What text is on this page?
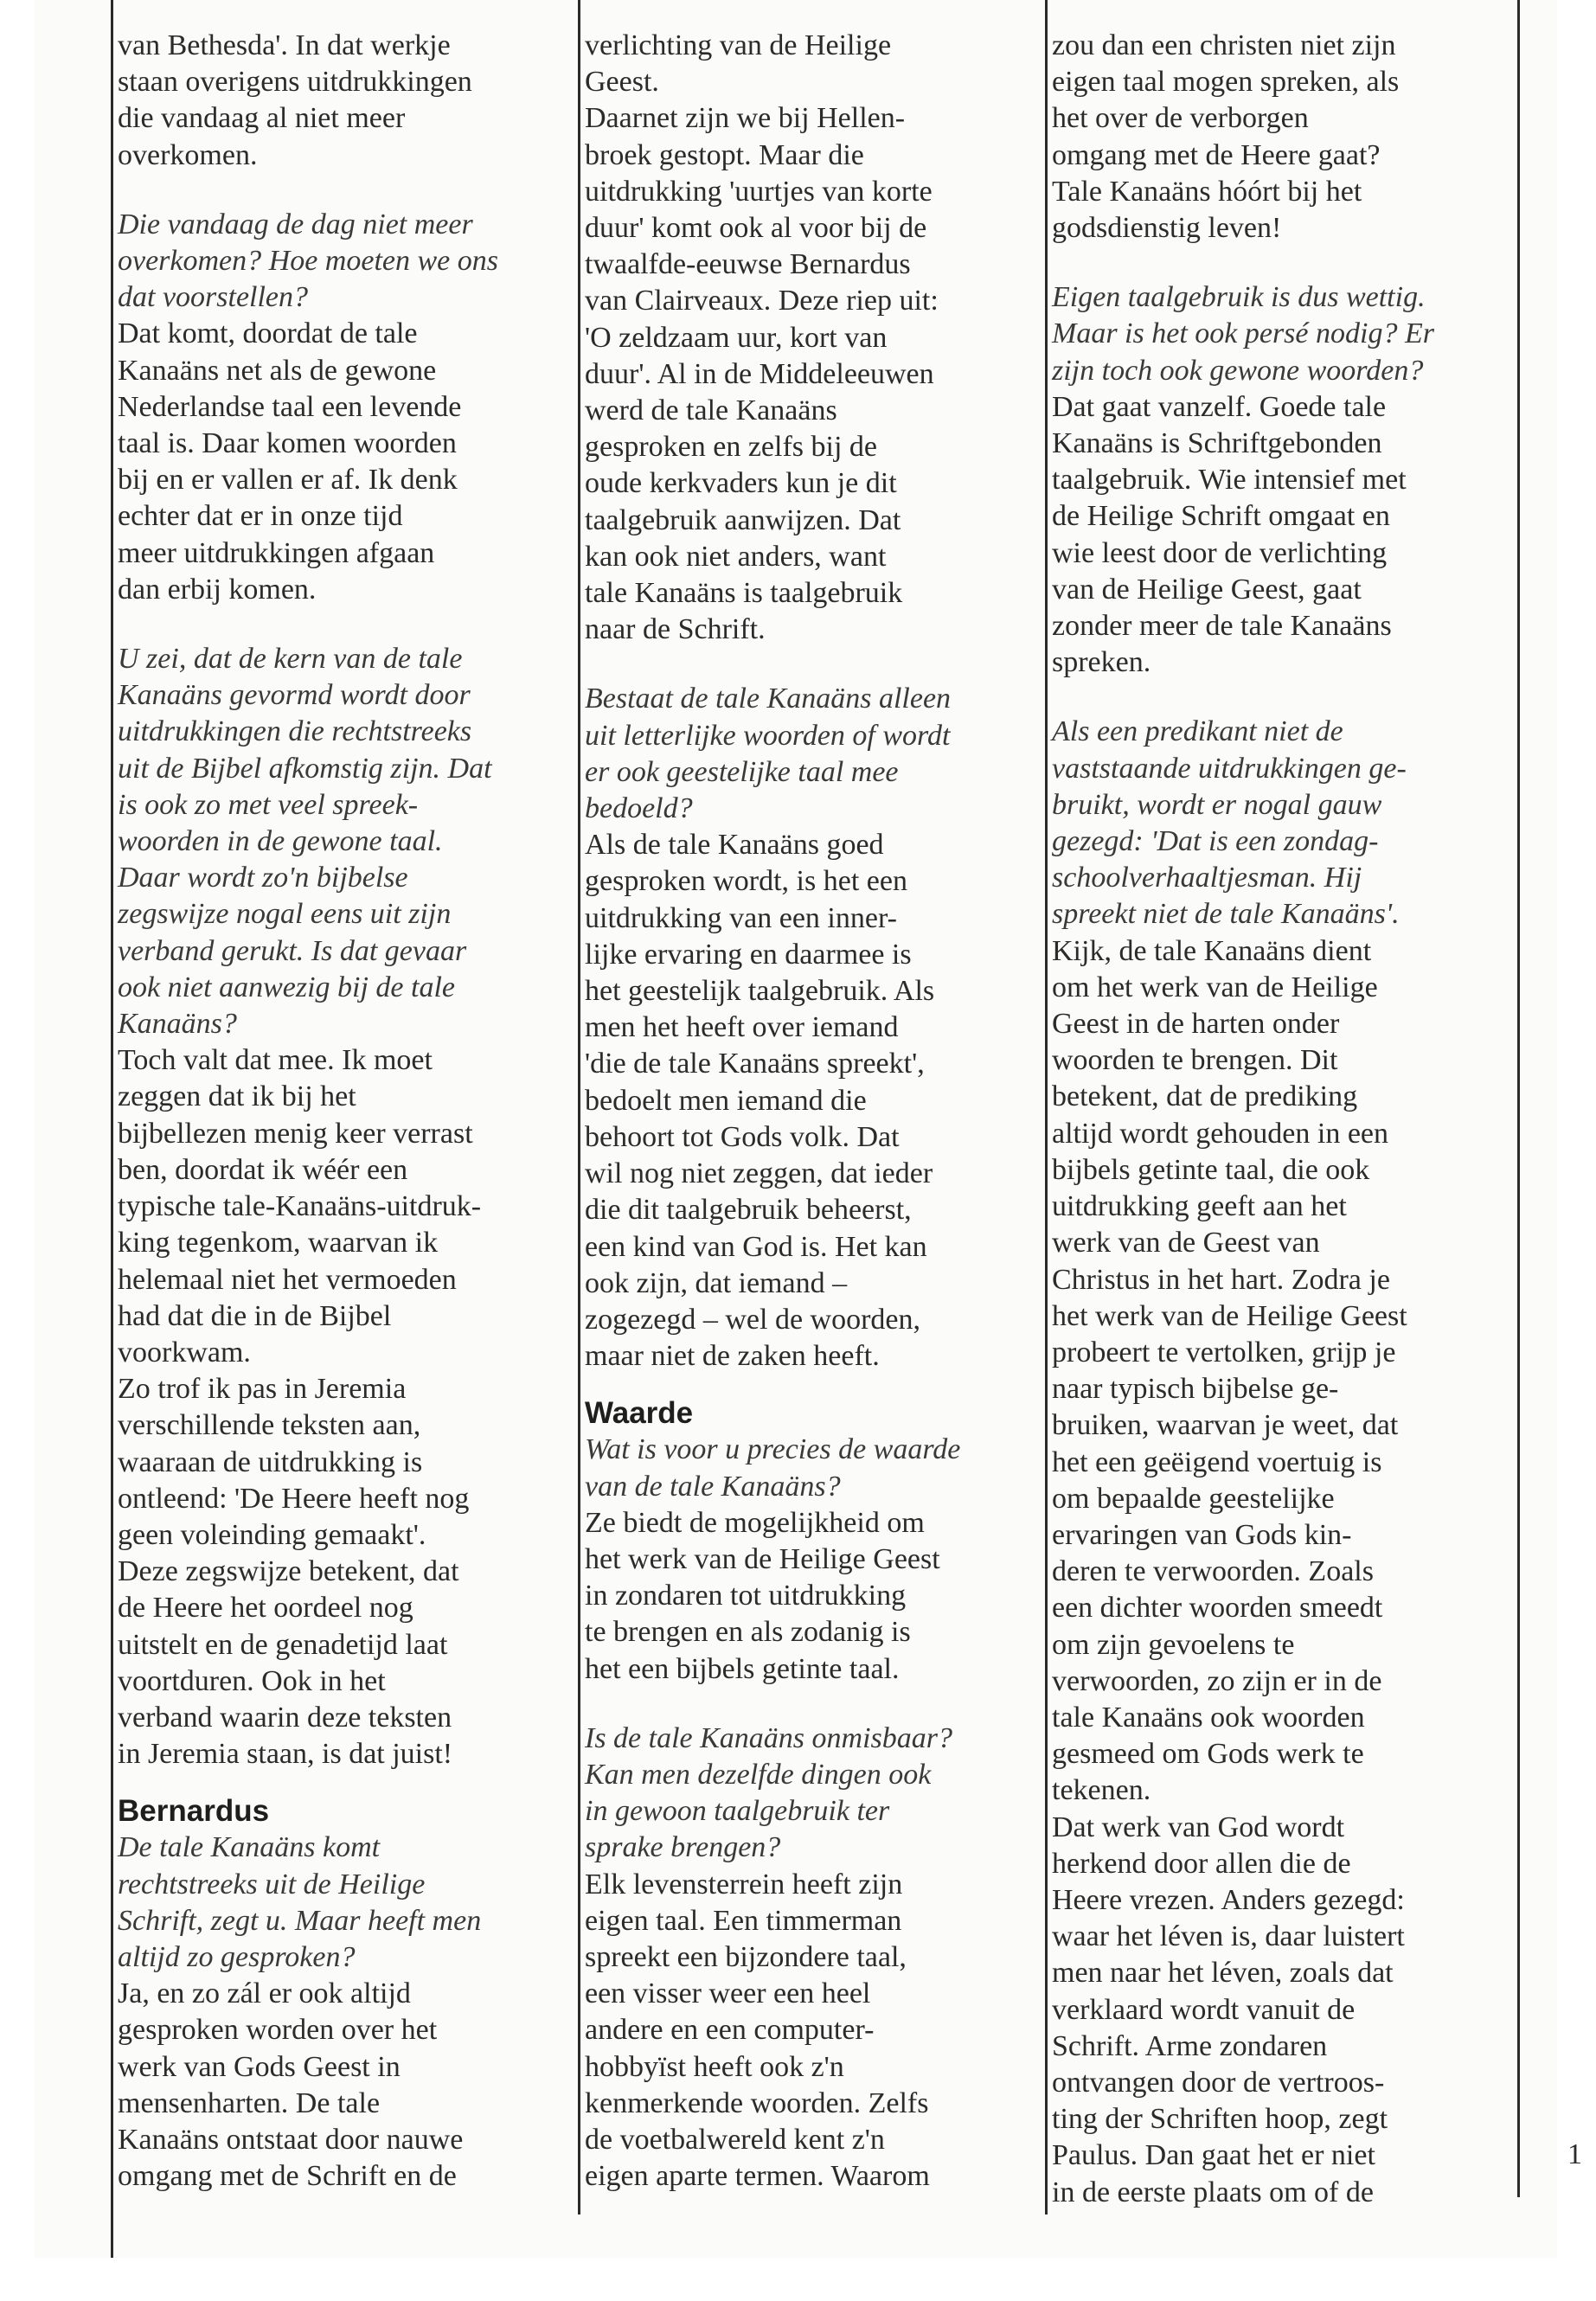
van Bethesda'. In dat werkje
staan overigens uitdrukkingen
die vandaag al niet meer
overkomen.

Die vandaag de dag niet meer
overkomen? Hoe moeten we ons
dat voorstellen?

Dat komt, doordat de tale
Kanaäns net als de gewone
Nederlandse taal een levende
taal is. Daar komen woorden
bij en er vallen er af. Ik denk
echter dat er in onze tijd
meer uitdrukkingen afgaan
dan erbij komen.

U zei, dat de kern van de tale
Kanaäns gevormd wordt door
uitdrukkingen die rechtstreeks
uit de Bijbel afkomstig zijn. Dat
is ook zo met veel spreek-
woorden in de gewone taal.
Daar wordt zo'n bijbelse
zegswijze nogal eens uit zijn
verband gerukt. Is dat gevaar
ook niet aanwezig bij de tale
Kanaäns?

Toch valt dat mee. Ik moet
zeggen dat ik bij het
bijbellezen menig keer verrast
ben, doordat ik wéér een
typische tale-Kanaäns-uitdruk-
king tegenkom, waarvan ik
helemaal niet het vermoeden
had dat die in de Bijbel
voorkwam.
Zo trof ik pas in Jeremia
verschillende teksten aan,
waaraan de uitdrukking is
ontleend: 'De Heere heeft nog
geen voleinding gemaakt'.
Deze zegswijze betekent, dat
de Heere het oordeel nog
uitstelt en de genadetijd laat
voortduren. Ook in het
verband waarin deze teksten
in Jeremia staan, is dat juist!

Bernardus

De tale Kanaäns komt
rechtstreeks uit de Heilige
Schrift, zegt u. Maar heeft men
altijd zo gesproken?

Ja, en zo zál er ook altijd
gesproken worden over het
werk van Gods Geest in
mensenharten. De tale
Kanaäns ontstaat door nauwe
omgang met de Schrift en de

verlichting van de Heilige
Geest.
Daarnet zijn we bij Hellen-
broek gestopt. Maar die
uitdrukking 'uurtjes van korte
duur' komt ook al voor bij de
twaalfde-eeuwse Bernardus
van Clairveaux. Deze riep uit:
'O zeldzaam uur, kort van
duur'. Al in de Middeleeuwen
werd de tale Kanaäns
gesproken en zelfs bij de
oude kerkvaders kun je dit
taalgebruik aanwijzen. Dat
kan ook niet anders, want
tale Kanaäns is taalgebruik
naar de Schrift.

Bestaat de tale Kanaäns alleen
uit letterlijke woorden of wordt
er ook geestelijke taal mee
bedoeld?

Als de tale Kanaäns goed
gesproken wordt, is het een
uitdrukking van een inner-
lijke ervaring en daarmee is
het geestelijk taalgebruik. Als
men het heeft over iemand
'die de tale Kanaäns spreekt',
bedoelt men iemand die
behoort tot Gods volk. Dat
wil nog niet zeggen, dat ieder
die dit taalgebruik beheerst,
een kind van God is. Het kan
ook zijn, dat iemand –
zogezegd – wel de woorden,
maar niet de zaken heeft.

Waarde

Wat is voor u precies de waarde
van de tale Kanaäns?

Ze biedt de mogelijkheid om
het werk van de Heilige Geest
in zondaren tot uitdrukking
te brengen en als zodanig is
het een bijbels getinte taal.

Is de tale Kanaäns onmisbaar?
Kan men dezelfde dingen ook
in gewoon taalgebruik ter
sprake brengen?

Elk levensterrein heeft zijn
eigen taal. Een timmerman
spreekt een bijzondere taal,
een visser weer een heel
andere en een computer-
hobbyïst heeft ook z'n
kenmerkende woorden. Zelfs
de voetbalwereld kent z'n
eigen aparte termen. Waarom

zou dan een christen niet zijn
eigen taal mogen spreken, als
het over de verborgen
omgang met de Heere gaat?
Tale Kanaäns hóórt bij het
godsdienstig leven!

Eigen taalgebruik is dus wettig.
Maar is het ook persé nodig? Er
zijn toch ook gewone woorden?

Dat gaat vanzelf. Goede tale
Kanaäns is Schriftgebonden
taalgebruik. Wie intensief met
de Heilige Schrift omgaat en
wie leest door de verlichting
van de Heilige Geest, gaat
zonder meer de tale Kanaäns
spreken.

Als een predikant niet de
vaststaande uitdrukkingen ge-
bruikt, wordt er nogal gauw
gezegd: 'Dat is een zondag-
schoolverhaaltjesman. Hij
spreekt niet de tale Kanaäns'.

Kijk, de tale Kanaäns dient
om het werk van de Heilige
Geest in de harten onder
woorden te brengen. Dit
betekent, dat de prediking
altijd wordt gehouden in een
bijbels getinte taal, die ook
uitdrukking geeft aan het
werk van de Geest van
Christus in het hart. Zodra je
het werk van de Heilige Geest
probeert te vertolken, grijp je
naar typisch bijbelse ge-
bruiken, waarvan je weet, dat
het een geëigend voertuig is
om bepaalde geestelijke
ervaringen van Gods kin-
deren te verwoorden. Zoals
een dichter woorden smeedt
om zijn gevoelens te
verwoorden, zo zijn er in de
tale Kanaäns ook woorden
gesmeed om Gods werk te
tekenen.
Dat werk van God wordt
herkend door allen die de
Heere vrezen. Anders gezegd:
waar het léven is, daar luistert
men naar het léven, zoals dat
verklaard wordt vanuit de
Schrift. Arme zondaren
ontvangen door de vertroos-
ting der Schriften hoop, zegt
Paulus. Dan gaat het er niet
in de eerste plaats om of de

1
